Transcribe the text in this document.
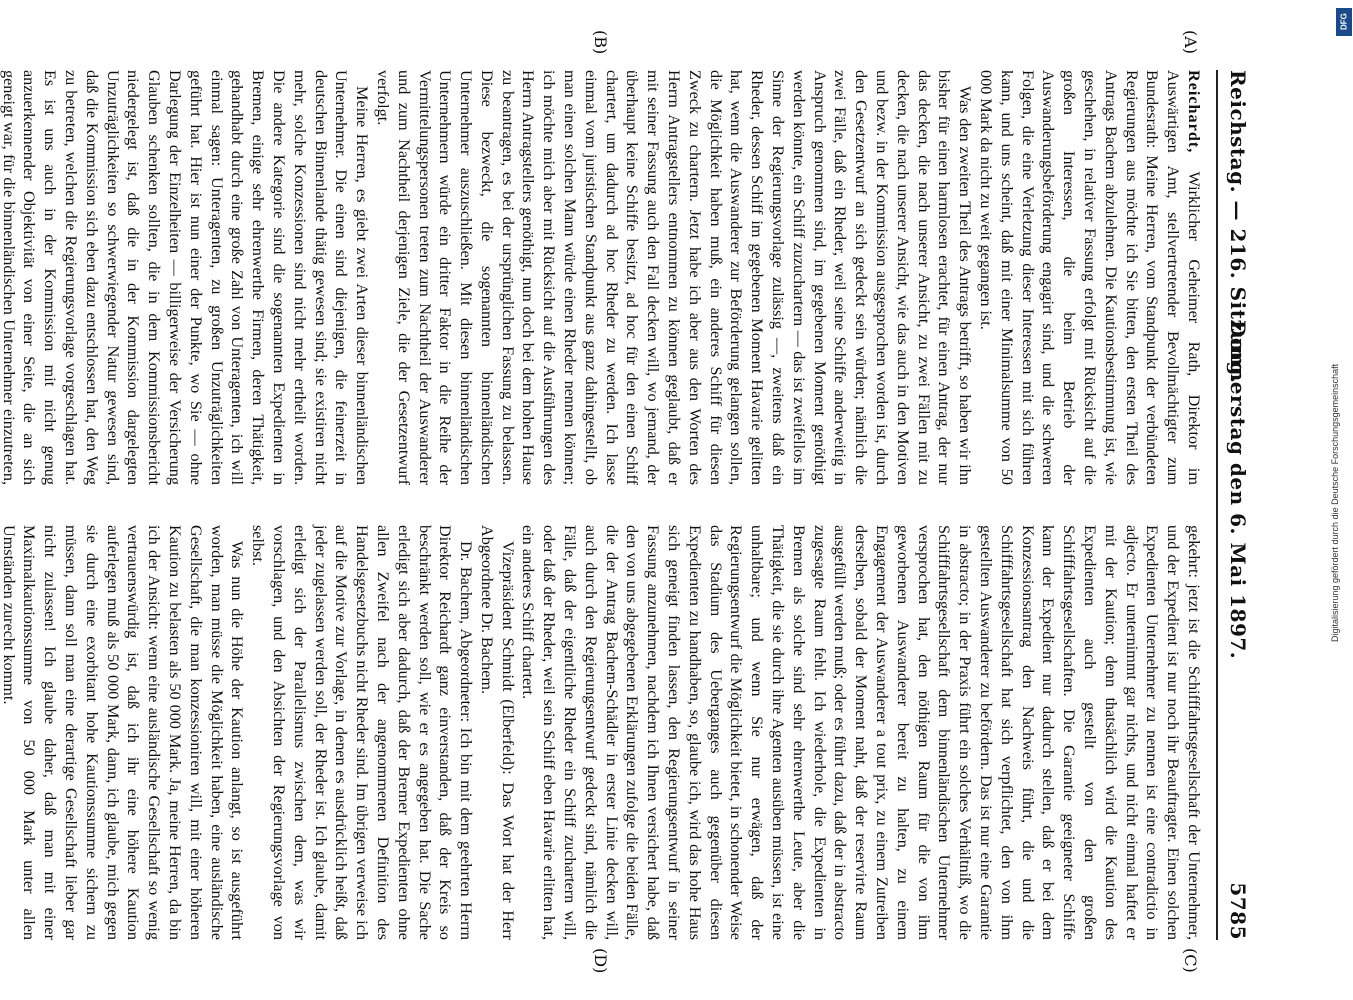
Reichstag. — 216. Sitzung.
Donnerstag den 6. Mai 1897.
5785
(A)
(B)
(C)
(D)

Reichardt, Wirklicher Geheimer Rath, Direktor im Auswärtigen Amt, stellvertretender Bevollmächtigter zum Bundesrath: Meine Herren, vom Standpunkt der verbündeten Regierungen aus möchte ich Sie bitten, den ersten Theil des Antrags Bachem abzulehnen. Die Kautionsbestimmung ist, wie geschehen, in relativer Fassung erfolgt mit Rücksicht auf die großen Interessen, die beim Betrieb der Auswanderungsbeförderung engagirt sind, und die schweren Folgen, die eine Verletzung dieser Interessen mit sich führen kann, und uns scheint, daß mit einer Minimalsumme von 50 000 Mark da nicht zu weit gegangen ist.

Was den zweiten Theil des Antrags betrifft, so haben wir ihn bisher für einen harmlosen erachtet, für einen Antrag, der nur das decken, die nach unserer Ansicht, zu zwei Fällen mit zu decken, die nach unserer Ansicht, wie das auch in den Motiven und bezw. in der Kommission ausgesprochen worden ist, durch den Gesetzentwurf an sich gedeckt sein würden; nämlich die zwei Fälle, daß ein Rheder, weil seine Schiffe anderweitig in Anspruch genommen sind, im gegebenen Moment genöthigt werden könnte, ein Schiff zuzuchartern — das ist zweifellos im Sinne der Regierungsvorlage zulässig —, zweitens daß ein Rheder, dessen Schiff im gegebenen Moment Havarie gelitten hat, wenn die Auswanderer zur Beförderung gelangen sollen, die Möglichkeit haben muß, ein anderes Schiff für diesen Zweck zu chartern. Jetzt habe ich aber aus den Worten des Herrn Antragstellers entnommen zu können geglaubt, daß er mit seiner Fassung auch den Fall decken will, wo jemand, der überhaupt keine Schiffe besitzt, ad hoc für den einen Schiff chartert, um dadurch ad hoc Rheder zu werden. Ich lasse einmal vom juristischen Standpunkt aus ganz dahingestellt, ob man einen solchen Mann würde einen Rheder nennen können; ich möchte mich aber mit Rücksicht auf die Ausführungen des Herrn Antragstellers genöthigt, nun doch bei dem hohen Hause zu beantragen, es bei der ursprünglichen Fassung zu belassen. Diese bezweckt, die sogenannten binnenländischen Unternehmer auszuschließen. Mit diesen binnenländischen Unternehmern würde ein dritter Faktor in die Reihe der Vermittelungspersonen treten zum Nachtheil der Auswanderer und zum Nachtheil derjenigen Ziele, die der Gesetzentwurf verfolgt.

Meine Herren, es giebt zwei Arten dieser binnenländischen Unternehmer. Die einen sind diejenigen, die feinerzeit in deutschen Binnenlande thätig gewesen sind; sie existiren nicht mehr, solche Konzessionen sind nicht mehr ertheilt worden. Die andere Kategorie sind die sogenannten Expedienten in Bremen, einige sehr ehrenwerthe Firmen, deren Thätigkeit, gehandhabt durch eine große Zahl von Unteragenten, ich will einmal sagen: Unteragenten, zu großen Unzuträglichkeiten geführt hat. Hier ist nun einer der Punkte, wo Sie — ohne Darlegung der Einzelheiten — billigerweise der Versicherung Glauben schenken sollten, die in dem Kommissionsbericht niedergelegt ist, daß die in der Kommission dargelegten Unzuträglichkeiten so schwerwiegender Natur gewesen sind, daß die Kommission sich eben dazu entschlossen hat, den Weg zu betreten, welchen die Regierungsvorlage vorgeschlagen hat. Es ist uns auch in der Kommission mit nicht genug anzuerkennender Objektivität von einer Seite, die an sich geneigt war, für die binnenländischen Unternehmer einzutreten,

gekehrt: jetzt ist die Schifffahrtsgesellschaft der Unternehmer, und der Expedient ist nur noch ihr Beauftragter. Einen solchen Expedienten Unternehmer zu nennen ist eine contradictio in adjecto. Er unternimmt gar nichts, und nicht einmal haftet er mit der Kaution; denn thatsächlich wird die Kaution des Expedienten auch gestellt von den großen Schifffahrtsgesellschaften. Die Garantie geeigneter Schiffe kann der Expedient nur dadurch stellen, daß er bei dem Konzessionsantrag den Nachweis führt, die und die Schifffahrtsgesellschaft hat sich verpflichtet, den von ihm gestellten Auswanderer zu befördern. Das ist nur eine Garantie in abstracto; in der Praxis führt ein solches Verhältniß, wo die Schifffahrtsgesellschaft dem binnenländischen Unternehmer versprochen hat, den nöthigen Raum für die von ihm geworbenen Auswanderer bereit zu halten, zu einem Engagement der Auswanderer a tout prix, zu einem Zutreiben derselben, sobald der Moment naht, daß der reservirte Raum ausgefüllt werden muß; oder es führt dazu, daß der in abstracto zugesagte Raum fehlt. Ich wiederhole, die Expedienten in Bremen als solche sind sehr ehrenwerthe Leute, aber die Thätigkeit, die sie durch ihre Agenten ausüben müssen, ist eine unhaltbare; und wenn Sie nur erwägen, daß der Regierungsentwurf die Möglichkeit bietet, in schonender Weise das Stadium des Ueberganges auch gegenüber diesen Expedienten zu handhaben, so, glaube ich, wird das hohe Haus sich geneigt finden lassen, den Regierungsentwurf in seiner Fassung anzunehmen, nachdem ich Ihnen versichert habe, daß den von uns abgegebenen Erklärungen zufolge die beiden Fälle, die der Antrag Bachem-Schädler in erster Linie decken will, auch durch den Regierungsentwurf gedeckt sind, nämlich die Fälle, daß der eigentliche Rheder ein Schiff zuchartern will, oder daß der Rheder, weil sein Schiff eben Havarie erlitten hat, ein anderes Schiff chartert.

Vizepräsident Schmidt (Elberfeld): Das Wort hat der Herr Abgeordnete Dr. Bachem.

Dr. Bachem, Abgeordneter: Ich bin mit dem geehrten Herrn Direktor Reichardt ganz einverstanden, daß der Kreis so beschränkt werden soll, wie er es angegeben hat. Die Sache erledigt sich aber dadurch, daß der Bremer Expedienten ohne allen Zweifel nach der angenommenen Definition des Handelsgesetzbuchs nicht Rheder sind. Im übrigen verweise ich auf die Motive zur Vorlage, in denen es ausdrücklich heißt, daß jeder zugelassen werden soll, der Rheder ist. Ich glaube, damit erledigt sich der Parallelismus zwischen dem, was wir vorschlagen, und den Absichten der Regierungsvorlage von selbst.

Was nun die Höhe der Kaution anlangt, so ist ausgeführt worden, man müsse die Möglichkeit haben, eine ausländische Gesellschaft, die man konzessioniren will, mit einer höheren Kaution zu belasten als 50 000 Mark. Ja, meine Herren, da bin ich der Ansicht: wenn eine ausländische Gesellschaft so wenig vertrauenswürdig ist, daß ich ihr eine höhere Kaution auferlegen muß als 50 000 Mark, dann, ich glaube, mich gegen sie durch eine exorbitant hohe Kautionssumme sichern zu müssen, dann soll man eine derartige Gesellschaft lieber gar nicht zulassen! Ich glaube daher, daß man mit einer Maximalkautionssumme von 50 000 Mark unter allen Umständen zurecht kommt.

DFG
Digitalisierung gefördert durch die Deutsche Forschungsgemeinschaft
